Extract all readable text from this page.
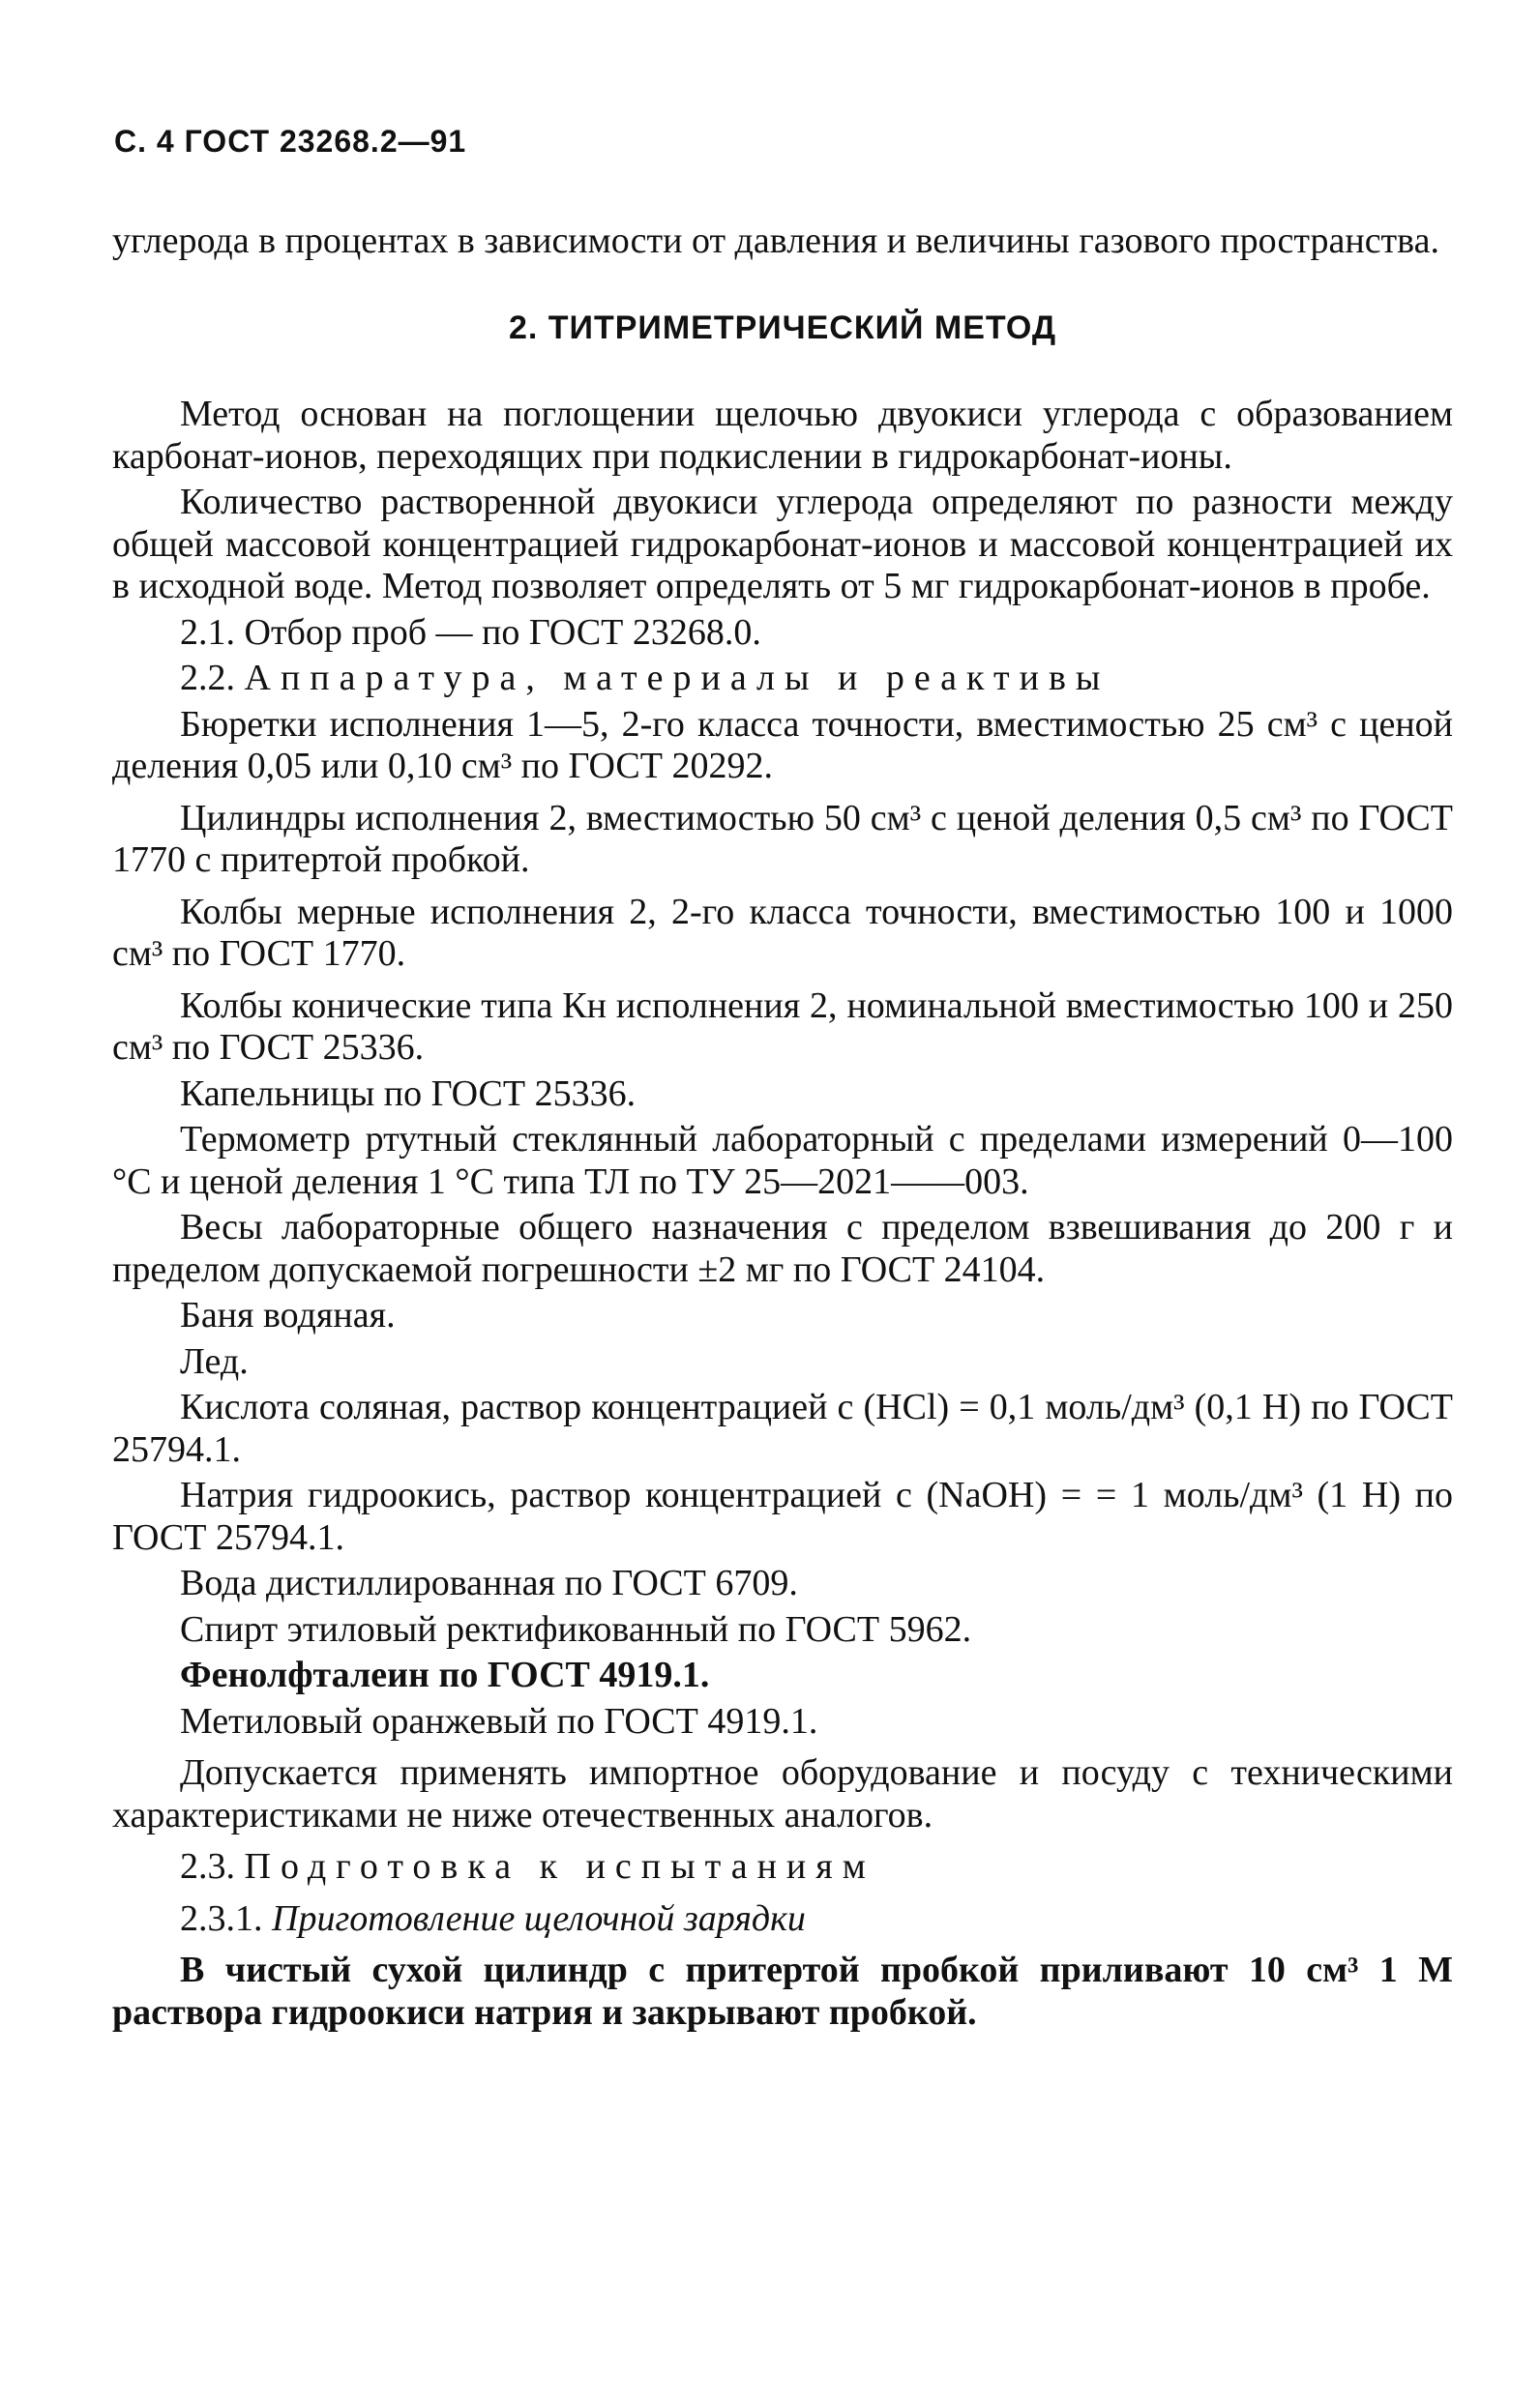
С. 4 ГОСТ 23268.2—91

углерода в процентах в зависимости от давления и величины газового пространства.

2. ТИТРИМЕТРИЧЕСКИЙ МЕТОД

Метод основан на поглощении щелочью двуокиси углерода с образованием карбонат-ионов, переходящих при подкислении в гидрокарбонат-ионы.

Количество растворенной двуокиси углерода определяют по разности между общей массовой концентрацией гидрокарбонат-ионов и массовой концентрацией их в исходной воде. Метод позволяет определять от 5 мг гидрокарбонат-ионов в пробе.

2.1. Отбор проб — по ГОСТ 23268.0.

2.2. Аппаратура, материалы и реактивы

Бюретки исполнения 1—5, 2-го класса точности, вместимостью 25 см³ с ценой деления 0,05 или 0,10 см³ по ГОСТ 20292.

Цилиндры исполнения 2, вместимостью 50 см³ с ценой деления 0,5 см³ по ГОСТ 1770 с притертой пробкой.

Колбы мерные исполнения 2, 2-го класса точности, вместимостью 100 и 1000 см³ по ГОСТ 1770.

Колбы конические типа Кн исполнения 2, номинальной вместимостью 100 и 250 см³ по ГОСТ 25336.

Капельницы по ГОСТ 25336.

Термометр ртутный стеклянный лабораторный с пределами измерений 0—100 °С и ценой деления 1 °С типа ТЛ по ТУ 25—2021——003.

Весы лабораторные общего назначения с пределом взвешивания до 200 г и пределом допускаемой погрешности ±2 мг по ГОСТ 24104.

Баня водяная.

Лед.

Кислота соляная, раствор концентрацией с (HCl) = 0,1 моль/дм³ (0,1 Н) по ГОСТ 25794.1.

Натрия гидроокись, раствор концентрацией с (NaOH) = = 1 моль/дм³ (1 Н) по ГОСТ 25794.1.

Вода дистиллированная по ГОСТ 6709.

Спирт этиловый ректификованный по ГОСТ 5962.

Фенолфталеин по ГОСТ 4919.1.

Метиловый оранжевый по ГОСТ 4919.1.

Допускается применять импортное оборудование и посуду с техническими характеристиками не ниже отечественных аналогов.

2.3. Подготовка к испытаниям

2.3.1. Приготовление щелочной зарядки

В чистый сухой цилиндр с притертой пробкой приливают 10 см³ 1 М раствора гидроокиси натрия и закрывают пробкой.
